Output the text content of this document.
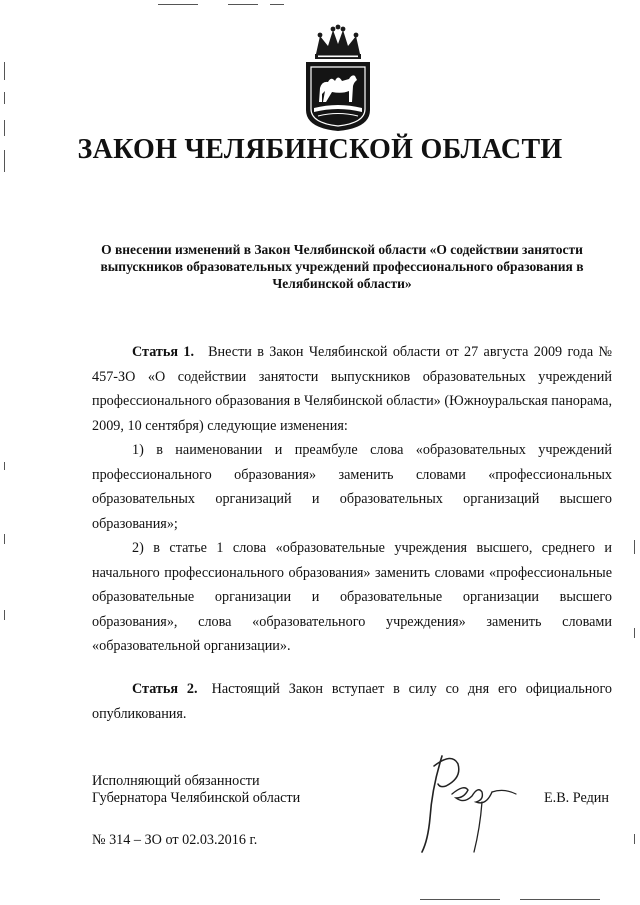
ЗАКОН ЧЕЛЯБИНСКОЙ ОБЛАСТИ
О внесении изменений в Закон Челябинской области «О содействии занятости
выпускников образовательных учреждений профессионального образования в
Челябинской области»

Статья 1. Внести в Закон Челябинской области от 27 августа 2009 года № 457-ЗО «О содействии занятости выпускников образовательных учреждений профессионального образования в Челябинской области» (Южноуральская панорама, 2009, 10 сентября) следующие изменения:

1) в наименовании и преамбуле слова «образовательных учреждений профессионального образования» заменить словами «профессиональных образовательных организаций и образовательных организаций высшего образования»;

2) в статье 1 слова «образовательные учреждения высшего, среднего и начального профессионального образования» заменить словами «профессиональные образовательные организации и образовательные организации высшего образования», слова «образовательного учреждения» заменить словами «образовательной организации».

Статья 2. Настоящий Закон вступает в силу со дня его официального опубликования.

Исполняющий обязанности
Губернатора Челябинской области	Е.В. Редин
№ 314 – ЗО от 02.03.2016 г.
